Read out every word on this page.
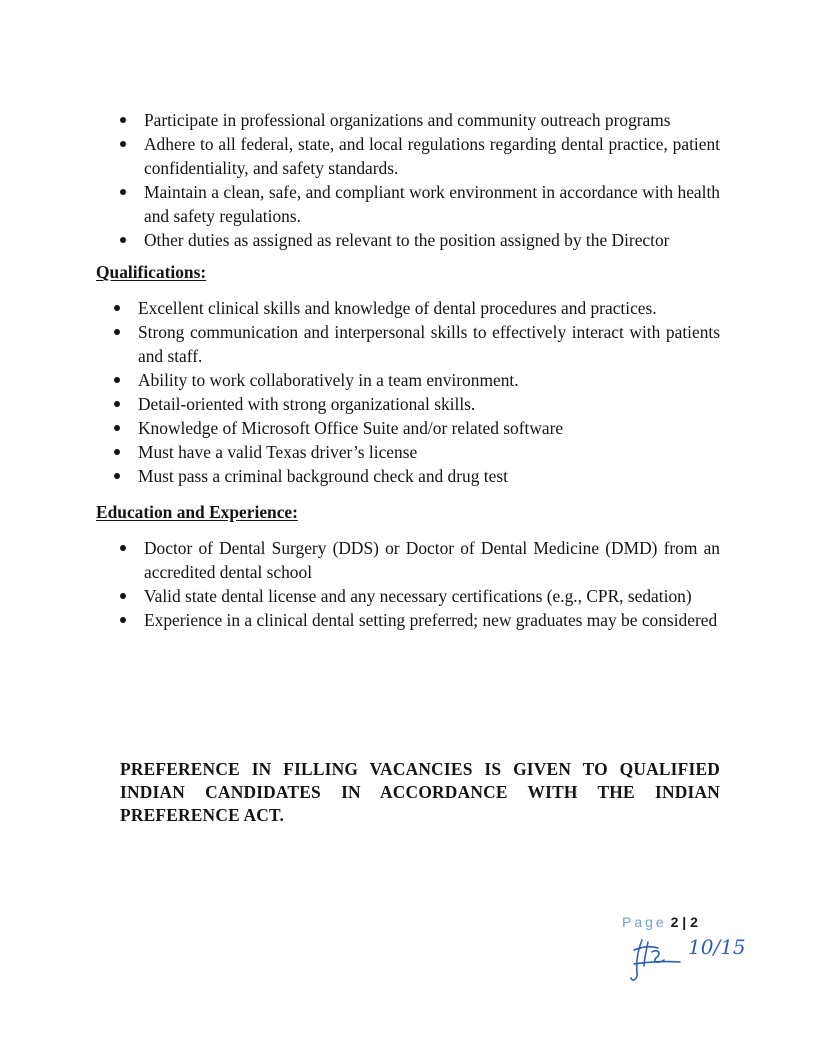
Participate in professional organizations and community outreach programs
Adhere to all federal, state, and local regulations regarding dental practice, patient confidentiality, and safety standards.
Maintain a clean, safe, and compliant work environment in accordance with health and safety regulations.
Other duties as assigned as relevant to the position assigned by the Director
Qualifications:
Excellent clinical skills and knowledge of dental procedures and practices.
Strong communication and interpersonal skills to effectively interact with patients and staff.
Ability to work collaboratively in a team environment.
Detail-oriented with strong organizational skills.
Knowledge of Microsoft Office Suite and/or related software
Must have a valid Texas driver’s license
Must pass a criminal background check and drug test
Education and Experience:
Doctor of Dental Surgery (DDS) or Doctor of Dental Medicine (DMD) from an accredited dental school
Valid state dental license and any necessary certifications (e.g., CPR, sedation)
Experience in a clinical dental setting preferred; new graduates may be considered
PREFERENCE IN FILLING VACANCIES IS GIVEN TO QUALIFIED INDIAN CANDIDATES IN ACCORDANCE WITH THE INDIAN PREFERENCE ACT.
Page 2 | 2
10/15
